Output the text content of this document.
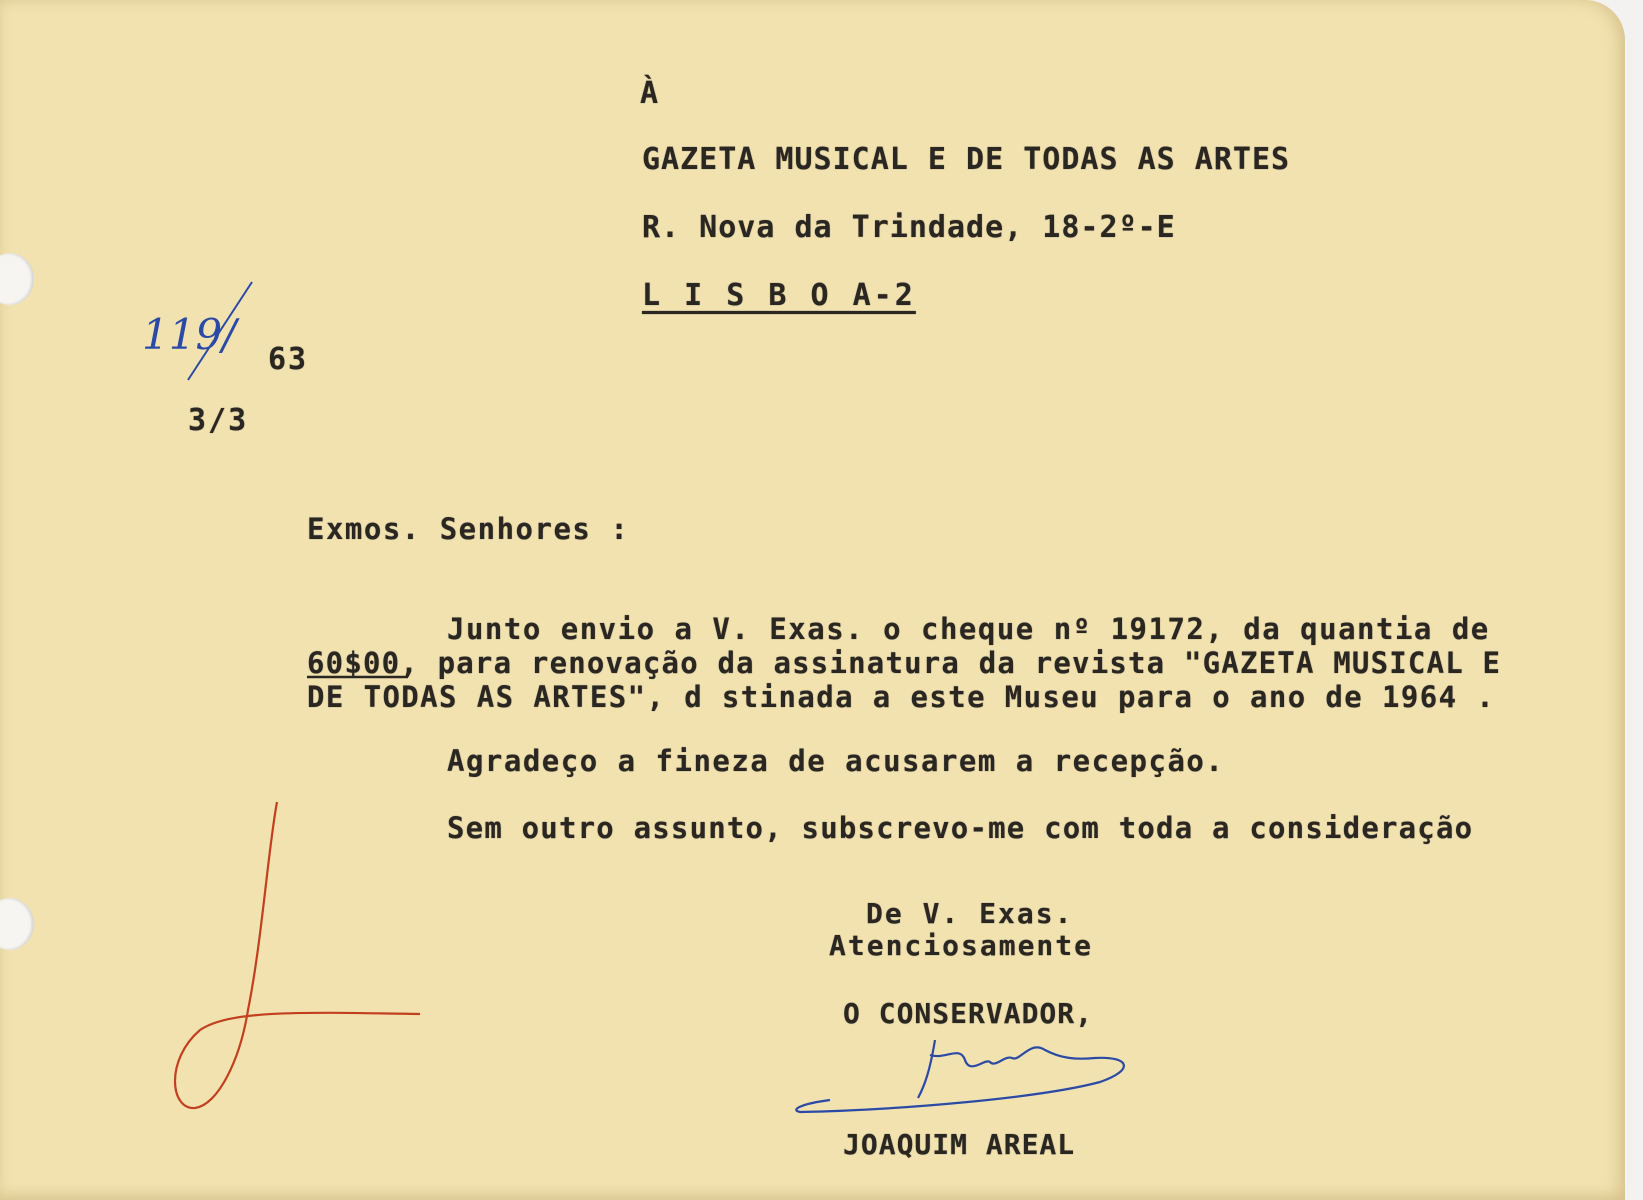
À
GAZETA MUSICAL E DE TODAS AS ARTES
R. Nova da Trindade, 18-2º-E
L I S B O A-2
119/
63
3/3
Exmos. Senhores :
Junto envio a V. Exas. o cheque nº 19172, da quantia de
60$00, para renovação da assinatura da revista "GAZETA MUSICAL E
DE TODAS AS ARTES", d stinada a este Museu para o ano de 1964 .
Agradeço a fineza de acusarem a recepção.
Sem outro assunto, subscrevo-me com toda a consideração
De V. Exas.
Atenciosamente
O CONSERVADOR,
JOAQUIM AREAL
